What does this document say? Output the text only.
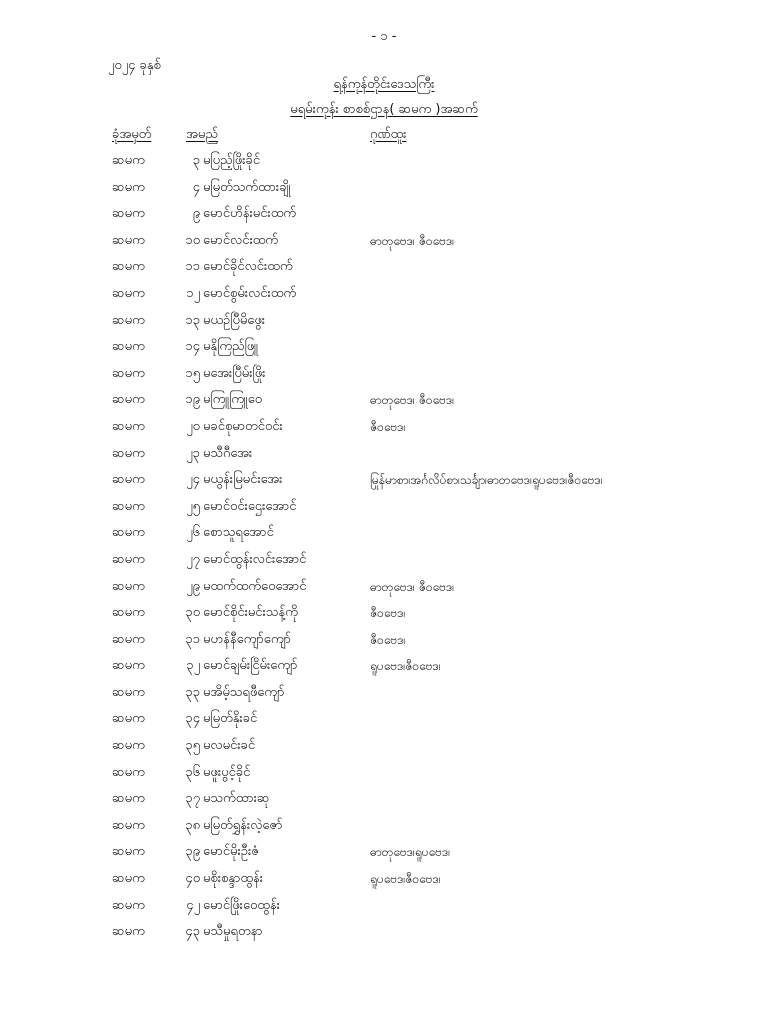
- ၁ -
၂၀၂၄ ခုနှစ်
ရန်ကုန်တိုင်းဒေသကြီး
မရမ်းကုန်း စာစစ်ဌာန( ဆမက )အဆက်
ခုံအမှတ်	အမည်	ဂုဏ်ထူး
ဆမက	၃ မပြည့်ဖြိုးခိုင်
ဆမက	၄ မမြတ်သက်ထားချို
ဆမက	၉ မောင်ဟိန်းမင်းထက်
ဆမက	၁၀ မောင်လင်းထက်	ဓာတုဗေဒ၊ ဇီဝဗေဒ၊
ဆမက	၁၁ မောင်ခိုင်လင်းထက်
ဆမက	၁၂ မောင်စွမ်းလင်းထက်
ဆမက	၁၃ မယဉ်ပြီမိဖွေး
ဆမက	၁၄ မနိုကြည်ဖြူ
ဆမက	၁၅ မအေးပြီမ်းဖြိုး
ဆမက	၁၉ မကြူကြူဝေ	ဓာတုဗေဒ၊ ဇီဝဗေဒ၊
ဆမက	၂၀ မခင်စုမာတင်ဝင်း	ဇီဝဗေဒ၊
ဆမက	၂၃ မသီဂီအေး
ဆမက	၂၄ မယွန်းမြမင်းအေး	မြန်မာစာ၊အင်္ဂလိပ်စာ၊သင်္ချာ၊ဓာတုဗေဒ၊ရူပဗေဒ၊ဇီဝဗေဒ၊
ဆမက	၂၅ မောင်ဝင်းဌေးအောင်
ဆမက	၂၆ စောသူရအောင်
ဆမက	၂၇ မောင်ထွန်းလင်းအောင်
ဆမက	၂၉ မထက်ထက်ဝေအောင်	ဓာတုဗေဒ၊ ဇီဝဗေဒ၊
ဆမက	၃၀ မောင်စိုင်းမင်းသန့်ကို	ဇီဝဗေဒ၊
ဆမက	၃၁ မဟန်နီကျော်ကျော်	ဇီဝဗေဒ၊
ဆမက	၃၂ မောင်ချမ်းငြိမ်းကျော်	ရူပဗေဒ၊ဇီဝဗေဒ၊
ဆမက	၃၃ မအိမ့်သရဖီကျော်
ဆမက	၃၄ မမြတ်နိုးခင်
ဆမက	၃၅ မလမင်းခင်
ဆမက	၃၆ မဖူးပွင့်ခိုင်
ဆမက	၃၇ မသက်ထားဆု
ဆမက	၃၈ မမြတ်ရွှန်းလဲ့ဇော်
ဆမက	၃၉ မောင်မိုးဦးဇံ	ဓာတုဗေဒ၊ရူပဗေဒ၊
ဆမက	၄၀ မစိုးစန္ဒာထွန်း	ရူပဗေဒ၊ဇီဝဗေဒ၊
ဆမက	၄၂ မောင်ဖြိုးဝေထွန်း
ဆမက	၄၃ မသီမှုရတနာ
